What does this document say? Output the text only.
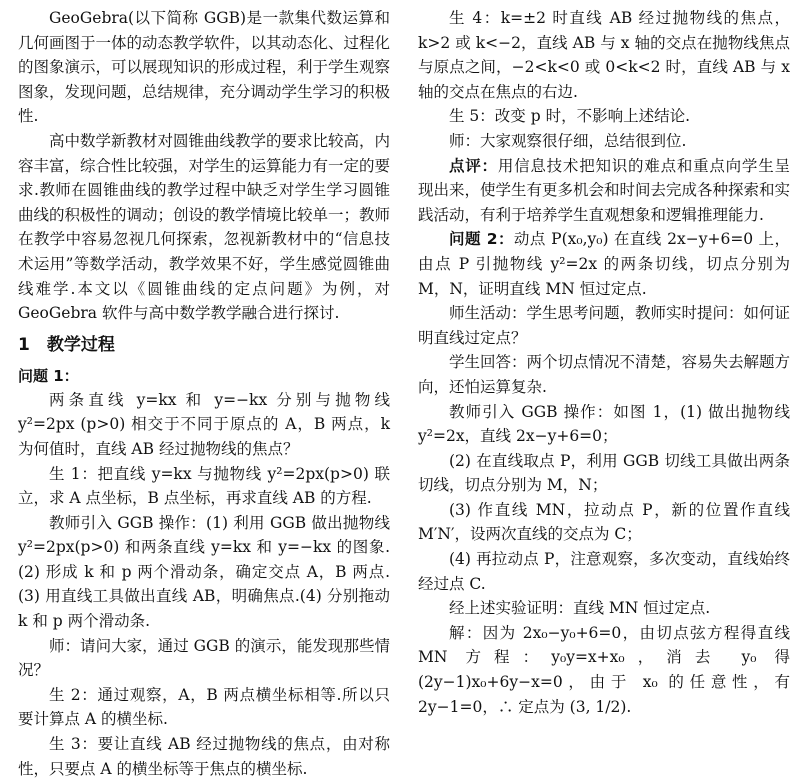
GeoGebra(以下简称 GGB)是一款集代数运算和几何画图于一体的动态教学软件，以其动态化、过程化的图象演示，可以展现知识的形成过程，利于学生观察图象，发现问题，总结规律，充分调动学生学习的积极性.

高中数学新教材对圆锥曲线教学的要求比较高，内容丰富，综合性比较强，对学生的运算能力有一定的要求.教师在圆锥曲线的教学过程中缺乏对学生学习圆锥曲线的积极性的调动；创设的教学情境比较单一；教师在教学中容易忽视几何探索，忽视新教材中的“信息技术运用”等数学活动，教学效果不好，学生感觉圆锥曲线难学.本文以《圆锥曲线的定点问题》为例，对 GeoGebra 软件与高中数学教学融合进行探讨.

1　教学过程
问题 1：

两条直线 y=kx 和 y=−kx 分别与抛物线 y²=2px (p>0) 相交于不同于原点的 A，B 两点，k 为何值时，直线 AB 经过抛物线的焦点？

生 1：把直线 y=kx 与抛物线 y²=2px(p>0) 联立，求 A 点坐标，B 点坐标，再求直线 AB 的方程.

教师引入 GGB 操作：(1) 利用 GGB 做出抛物线 y²=2px(p>0) 和两条直线 y=kx 和 y=−kx 的图象.(2) 形成 k 和 p 两个滑动条，确定交点 A，B 两点.(3) 用直线工具做出直线 AB，明确焦点.(4) 分别拖动 k 和 p 两个滑动条.

师：请问大家，通过 GGB 的演示，能发现那些情况？

生 2：通过观察，A，B 两点横坐标相等.所以只要计算点 A 的横坐标.

生 3：要让直线 AB 经过抛物线的焦点，由对称性，只要点 A 的横坐标等于焦点的横坐标.

生 4：k=±2 时直线 AB 经过抛物线的焦点，k>2 或 k<−2，直线 AB 与 x 轴的交点在抛物线焦点与原点之间，−2<k<0 或 0<k<2 时，直线 AB 与 x 轴的交点在焦点的右边.

生 5：改变 p 时，不影响上述结论.

师：大家观察很仔细，总结很到位.

点评：用信息技术把知识的难点和重点向学生呈现出来，使学生有更多机会和时间去完成各种探索和实践活动，有利于培养学生直观想象和逻辑推理能力.

问题 2：动点 P(x₀,y₀) 在直线 2x−y+6=0 上，由点 P 引抛物线 y²=2x 的两条切线，切点分别为 M，N，证明直线 MN 恒过定点.

师生活动：学生思考问题，教师实时提问：如何证明直线过定点？

学生回答：两个切点情况不清楚，容易失去解题方向，还怕运算复杂.

教师引入 GGB 操作：如图 1，(1) 做出抛物线 y²=2x，直线 2x−y+6=0；

(2) 在直线取点 P，利用 GGB 切线工具做出两条切线，切点分别为 M，N；

(3) 作直线 MN，拉动点 P，新的位置作直线 M′N′，设两次直线的交点为 C；

(4) 再拉动点 P，注意观察，多次变动，直线始终经过点 C.

经上述实验证明：直线 MN 恒过定点.

解：因为 2x₀−y₀+6=0，由切点弦方程得直线 MN 方程：y₀y=x+x₀，消去 y₀ 得 (2y−1)x₀+6y−x=0，由于 x₀ 的任意性，有 2y−1=0，∴ 定点为 (3, 1/2).
